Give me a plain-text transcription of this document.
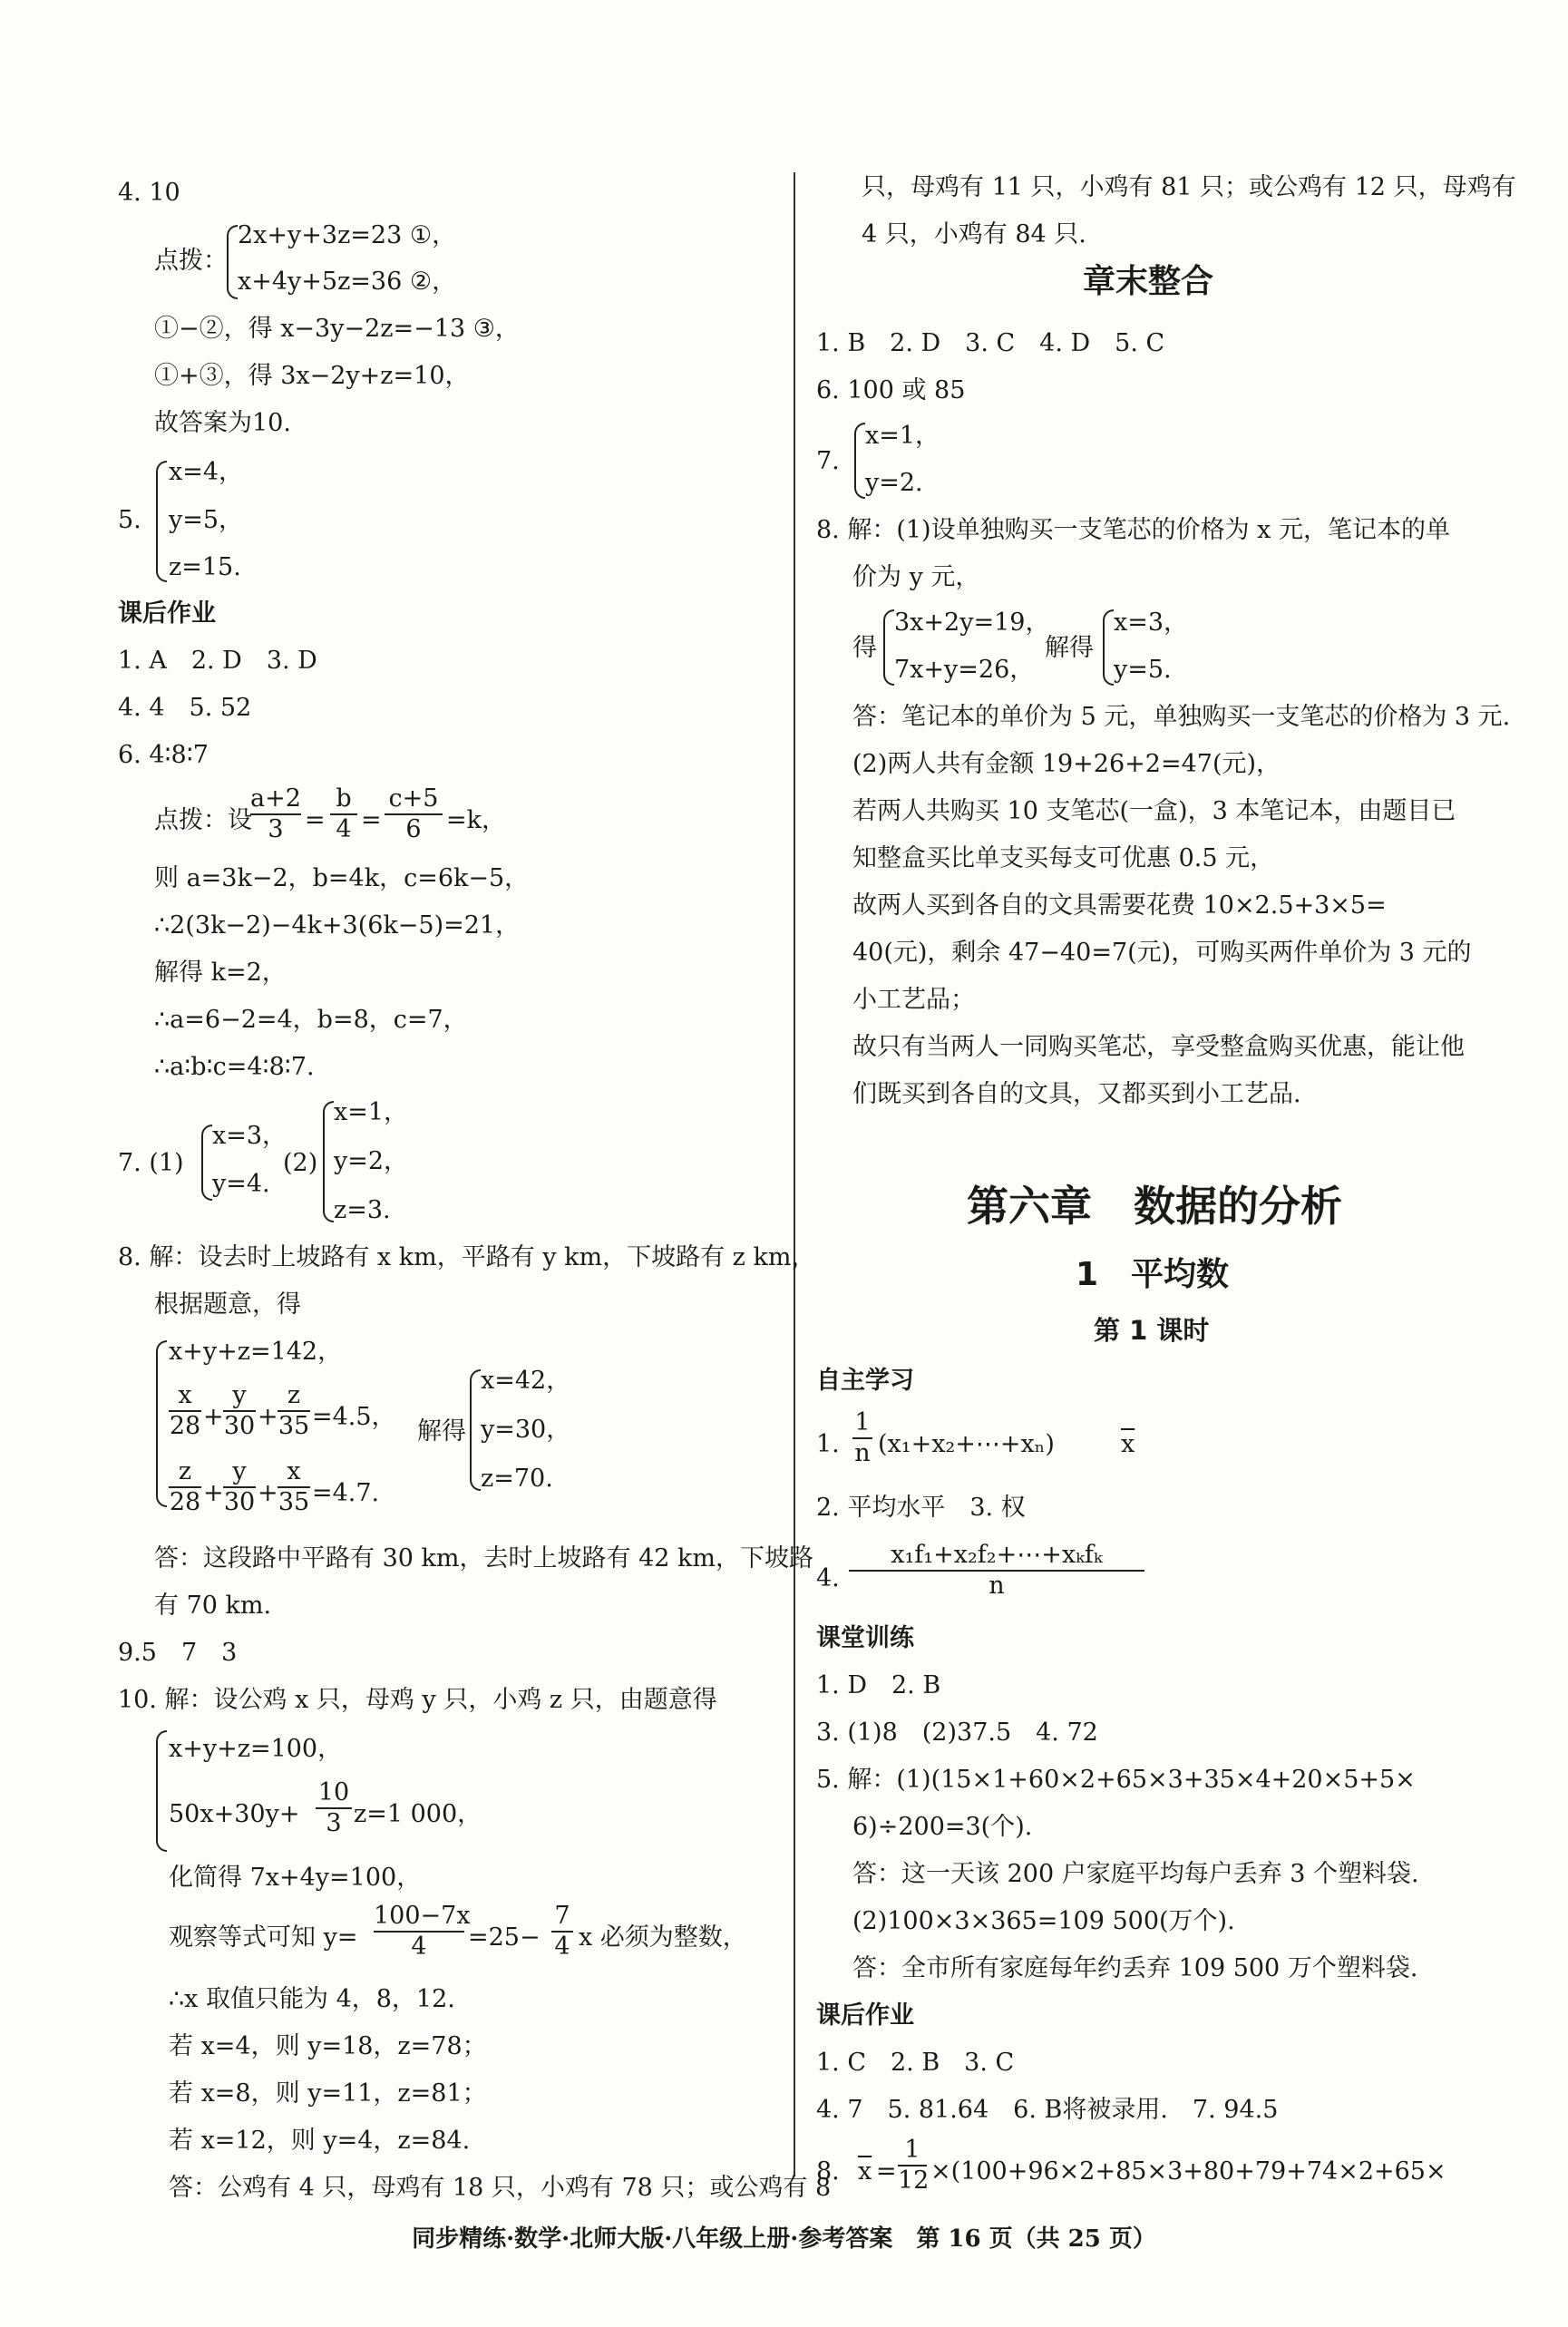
4. 10
点拨：
2x+y+3z=23 ①，
x+4y+5z=36 ②，
①−②，得 x−3y−2z=−13 ③，
①+③，得 3x−2y+z=10，
故答案为10.
5.
x=4，
y=5，
z=15.
课后作业
1. A　2. D　3. D
4. 4　5. 52
6. 4∶8∶7
点拨：设
a+2
3 =
b
4 =
c+5
6	=k，
则 a=3k−2，b=4k，c=6k−5，
∴2(3k−2)−4k+3(6k−5)=21，
解得 k=2，
∴a=6−2=4，b=8，c=7，
∴a∶b∶c=4∶8∶7.
7. (1)
x=3，
y=4.
(2)
x=1，
y=2，
z=3.
8. 解：设去时上坡路有 x km，平路有 y km，下坡路有 z km，
根据题意，得
x+y+z=142，
x
28 +
y
30 +
z
35 =4.5，
z
28 +
y
30 +
x
35 =4.7.
解得
x=42，
y=30，
z=70.
答：这段路中平路有 30 km，去时上坡路有 42 km，下坡路
有 70 km.
9.5　7　3
10. 解：设公鸡 x 只，母鸡 y 只，小鸡 z 只，由题意得
x+y+z=100，
50x+30y+
10
3 z=1 000，
化简得 7x+4y=100，
观察等式可知 y=
100−7x
4	=25−
7
4 x 必须为整数，
∴x 取值只能为 4，8，12.
若 x=4，则 y=18，z=78；
若 x=8，则 y=11，z=81；
若 x=12，则 y=4，z=84.
答：公鸡有 4 只，母鸡有 18 只，小鸡有 78 只；或公鸡有 8
只，母鸡有 11 只，小鸡有 81 只；或公鸡有 12 只，母鸡有
4 只，小鸡有 84 只.
章末整合
1. B　2. D　3. C　4. D　5. C
6. 100 或 85
7.
x=1，
y=2.
8. 解：(1)设单独购买一支笔芯的价格为 x 元，笔记本的单
价为 y 元，
得
3x+2y=19，
7x+y=26，
解得
x=3，
y=5.
答：笔记本的单价为 5 元，单独购买一支笔芯的价格为 3 元.
(2)两人共有金额 19+26+2=47(元)，
若两人共购买 10 支笔芯(一盒)，3 本笔记本，由题目已
知整盒买比单支买每支可优惠 0.5 元，
故两人买到各自的文具需要花费 10×2.5+3×5=
40(元)，剩余 47−40=7(元)，可购买两件单价为 3 元的
小工艺品；
故只有当两人一同购买笔芯，享受整盒购买优惠，能让他
们既买到各自的文具，又都买到小工艺品.
第六章　数据的分析
1　平均数
第 1 课时
自主学习
1.
1
n (x₁+x₂+⋯+xₙ)	$\overline{x}$
2. 平均水平　3. 权
4.
x₁f₁+x₂f₂+⋯+xₖfₖ
n
课堂训练
1. D　2. B
3. (1)8　(2)37.5　4. 72
5. 解：(1)(15×1+60×2+65×3+35×4+20×5+5×
6)÷200=3(个).
答：这一天该 200 户家庭平均每户丢弃 3 个塑料袋.
(2)100×3×365=109 500(万个).
答：全市所有家庭每年约丢弃 109 500 万个塑料袋.
课后作业
1. C　2. B　3. C
4. 7　5. 81.64　6. B将被录用.　7. 94.5
8. $\overline{x}$ =
1
12 ×(100+96×2+85×3+80+79+74×2+65×
同步精练·数学·北师大版·八年级上册·参考答案　第 16 页（共 25 页）
